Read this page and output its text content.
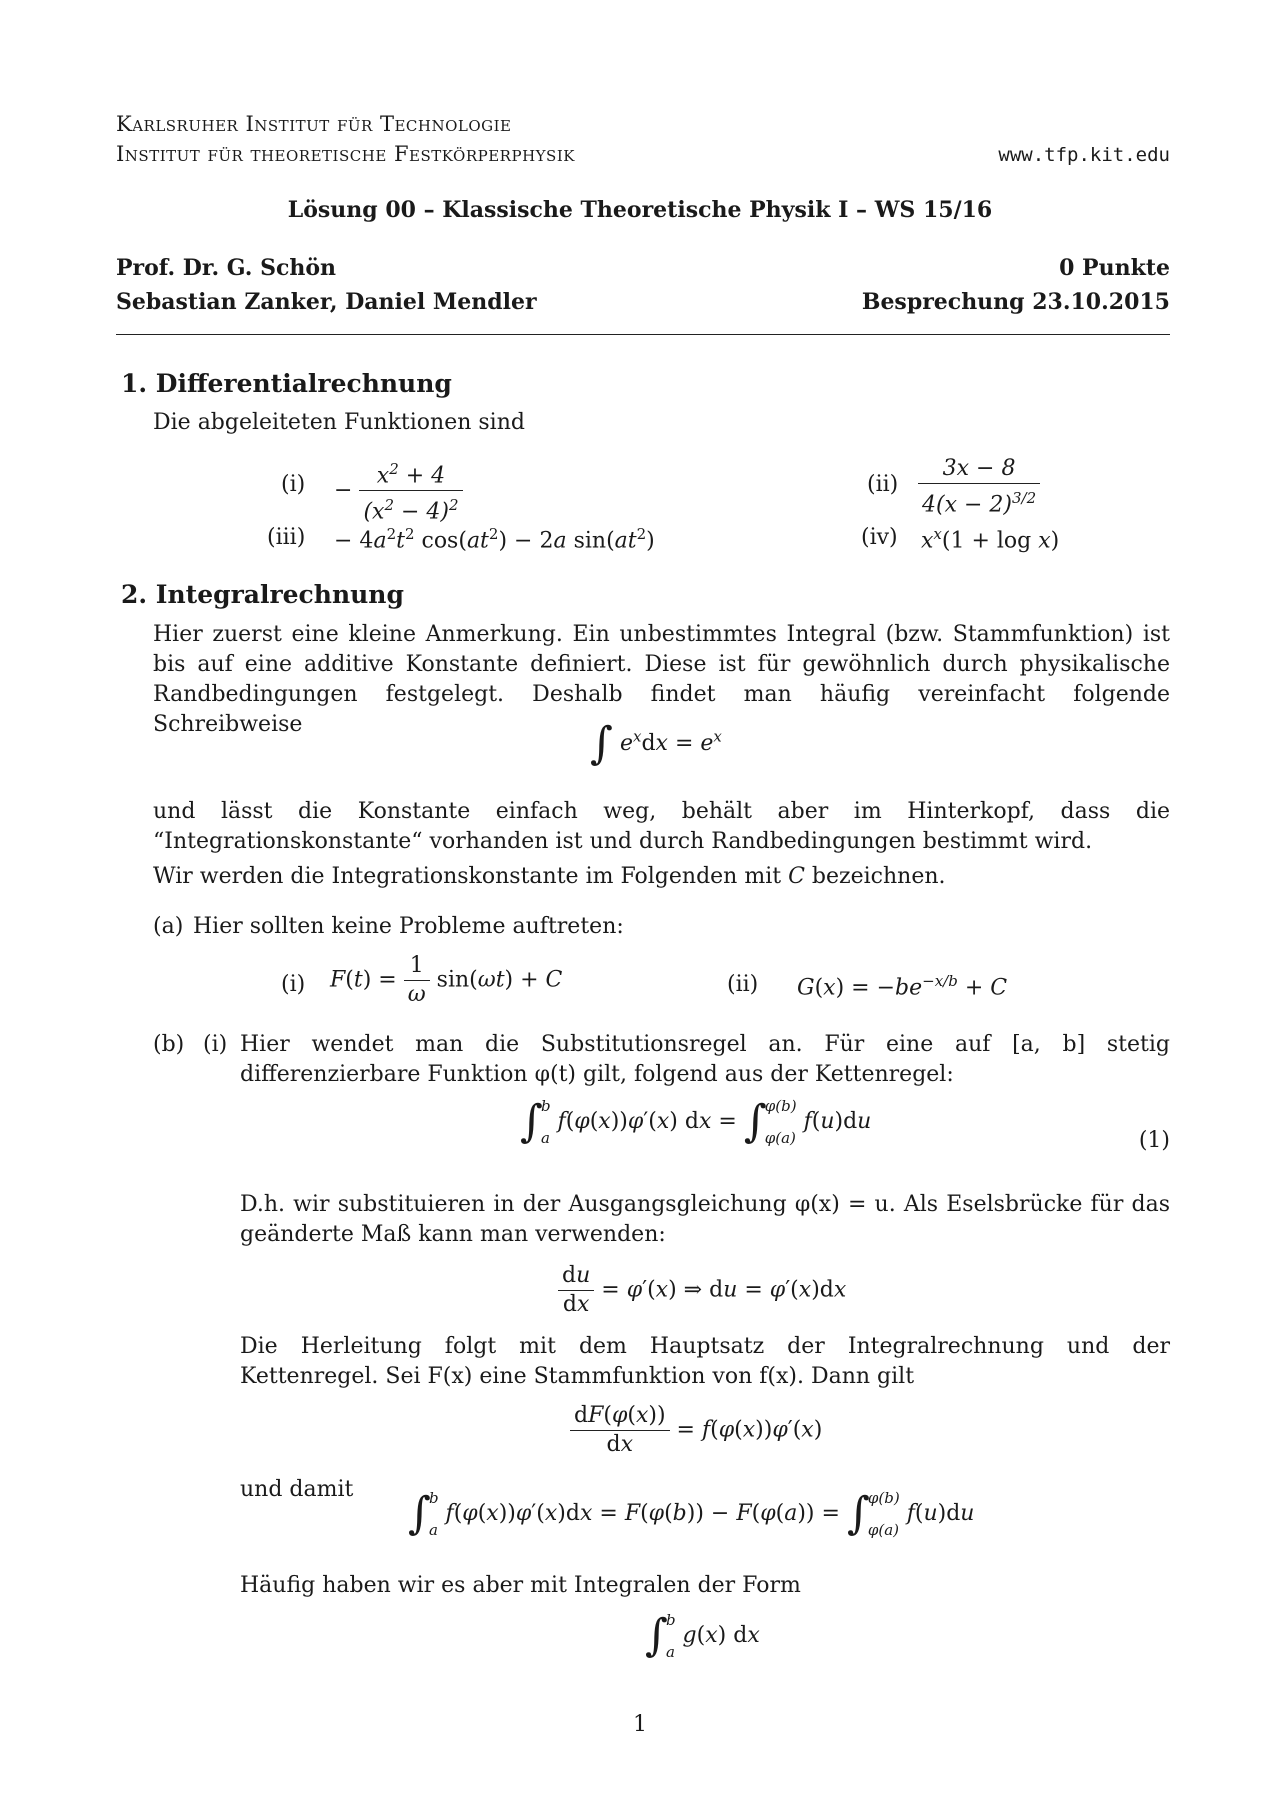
Karlsruher Institut für Technologie
Institut für theoretische Festkörperphysik	www.tfp.kit.edu
Lösung 00 – Klassische Theoretische Physik I – WS 15/16
Prof. Dr. G. Schön
Sebastian Zanker, Daniel Mendler
0 Punkte
Besprechung 23.10.2015
1. Differentialrechnung
Die abgeleiteten Funktionen sind
$(i) - \frac{x^2 + 4}{(x^2 - 4)^2}$	$(ii) \frac{3x - 8}{4(x - 2)^{3/2}}$
$(iii) - 4a^2t^2$ $\cos(at^2) - 2a$ $\sin(at^2)$	(iv) $x^x(1 + \log x)$
2. Integralrechnung
Hier zuerst eine kleine Anmerkung. Ein unbestimmtes Integral (bzw. Stammfunktion) ist bis auf eine additive Konstante definiert. Diese ist für gewöhnlich durch physikalische Randbedingungen festgelegt. Deshalb findet man häufig vereinfacht folgende Schreibweise	∫ $e^xdx = e^x$
und lässt die Konstante einfach weg, behält aber im Hinterkopf, dass die “Integrationskonstante“ vorhanden ist und durch Randbedingungen bestimmt wird.
Wir werden die Integrationskonstante im Folgenden mit C bezeichnen.
(a) Hier sollten keine Probleme auftreten:
(i) $F(t) = \frac{1}{\omega} \sin(\omega t) + C$	(ii) $G(x) = -be^{-x/b} + C$
(b) (i) Hier wendet man die Substitutionsregel an. Für eine auf [a, b] stetig differenzierbare Funktion φ(t) gilt, folgend aus der Kettenregel:
∫
b

a
f(φ(x))φ′(x) dx = ∫
φ(b)

φ(a)
f(u)du
(1)
D.h. wir substituieren in der Ausgangsgleichung φ(x) = u. Als Eselsbrücke für das geänderte Maß kann man verwenden:
$\frac{du}{dx} = \varphi'(x)$ ⇒ du = φ′(x)dx
Die Herleitung folgt mit dem Hauptsatz der Integralrechnung und der Kettenregel. Sei F(x) eine Stammfunktion von f(x). Dann gilt
$\frac{dF(\varphi(x))}{dx} = f(\varphi(x))\varphi'(x)$
und damit ∫
b

a
f(φ(x))φ′(x)dx = F(φ(b)) − F(φ(a)) = ∫
φ(b)

φ(a)
f(u)du
Häufig haben wir es aber mit Integralen der Form
∫
b

a
g(x) dx
1
